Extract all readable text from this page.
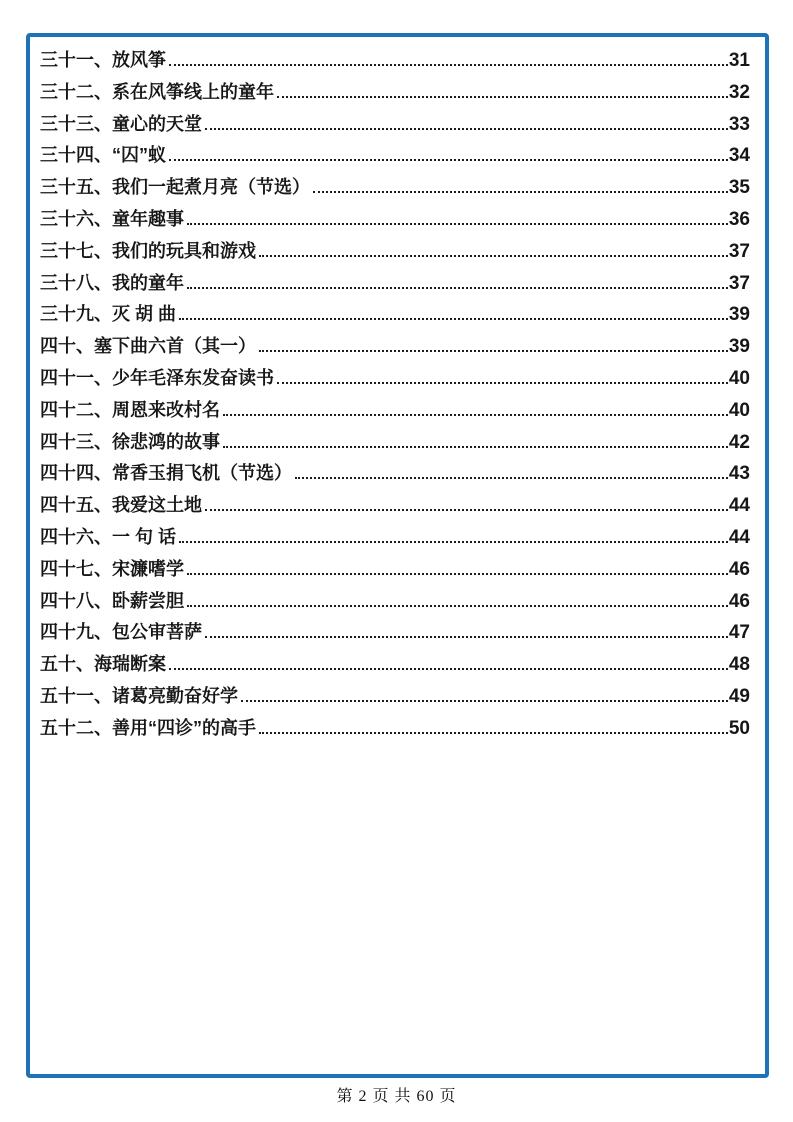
三十一、放风筝	31
三十二、系在风筝线上的童年	32
三十三、童心的天堂	33
三十四、“囚”蚁	34
三十五、我们一起煮月亮（节选）	35
三十六、童年趣事	36
三十七、我们的玩具和游戏	37
三十八、我的童年	37
三十九、灭 胡 曲	39
四十、塞下曲六首（其一）	39
四十一、少年毛泽东发奋读书	40
四十二、周恩来改村名	40
四十三、徐悲鸿的故事	42
四十四、常香玉捐飞机（节选）	43
四十五、我爱这土地	44
四十六、一 句 话	44
四十七、宋濂嗜学	46
四十八、卧薪尝胆	46
四十九、包公审菩萨	47
五十、海瑞断案	48
五十一、诸葛亮勤奋好学	49
五十二、善用“四诊”的高手	50
第 2 页 共 60 页
